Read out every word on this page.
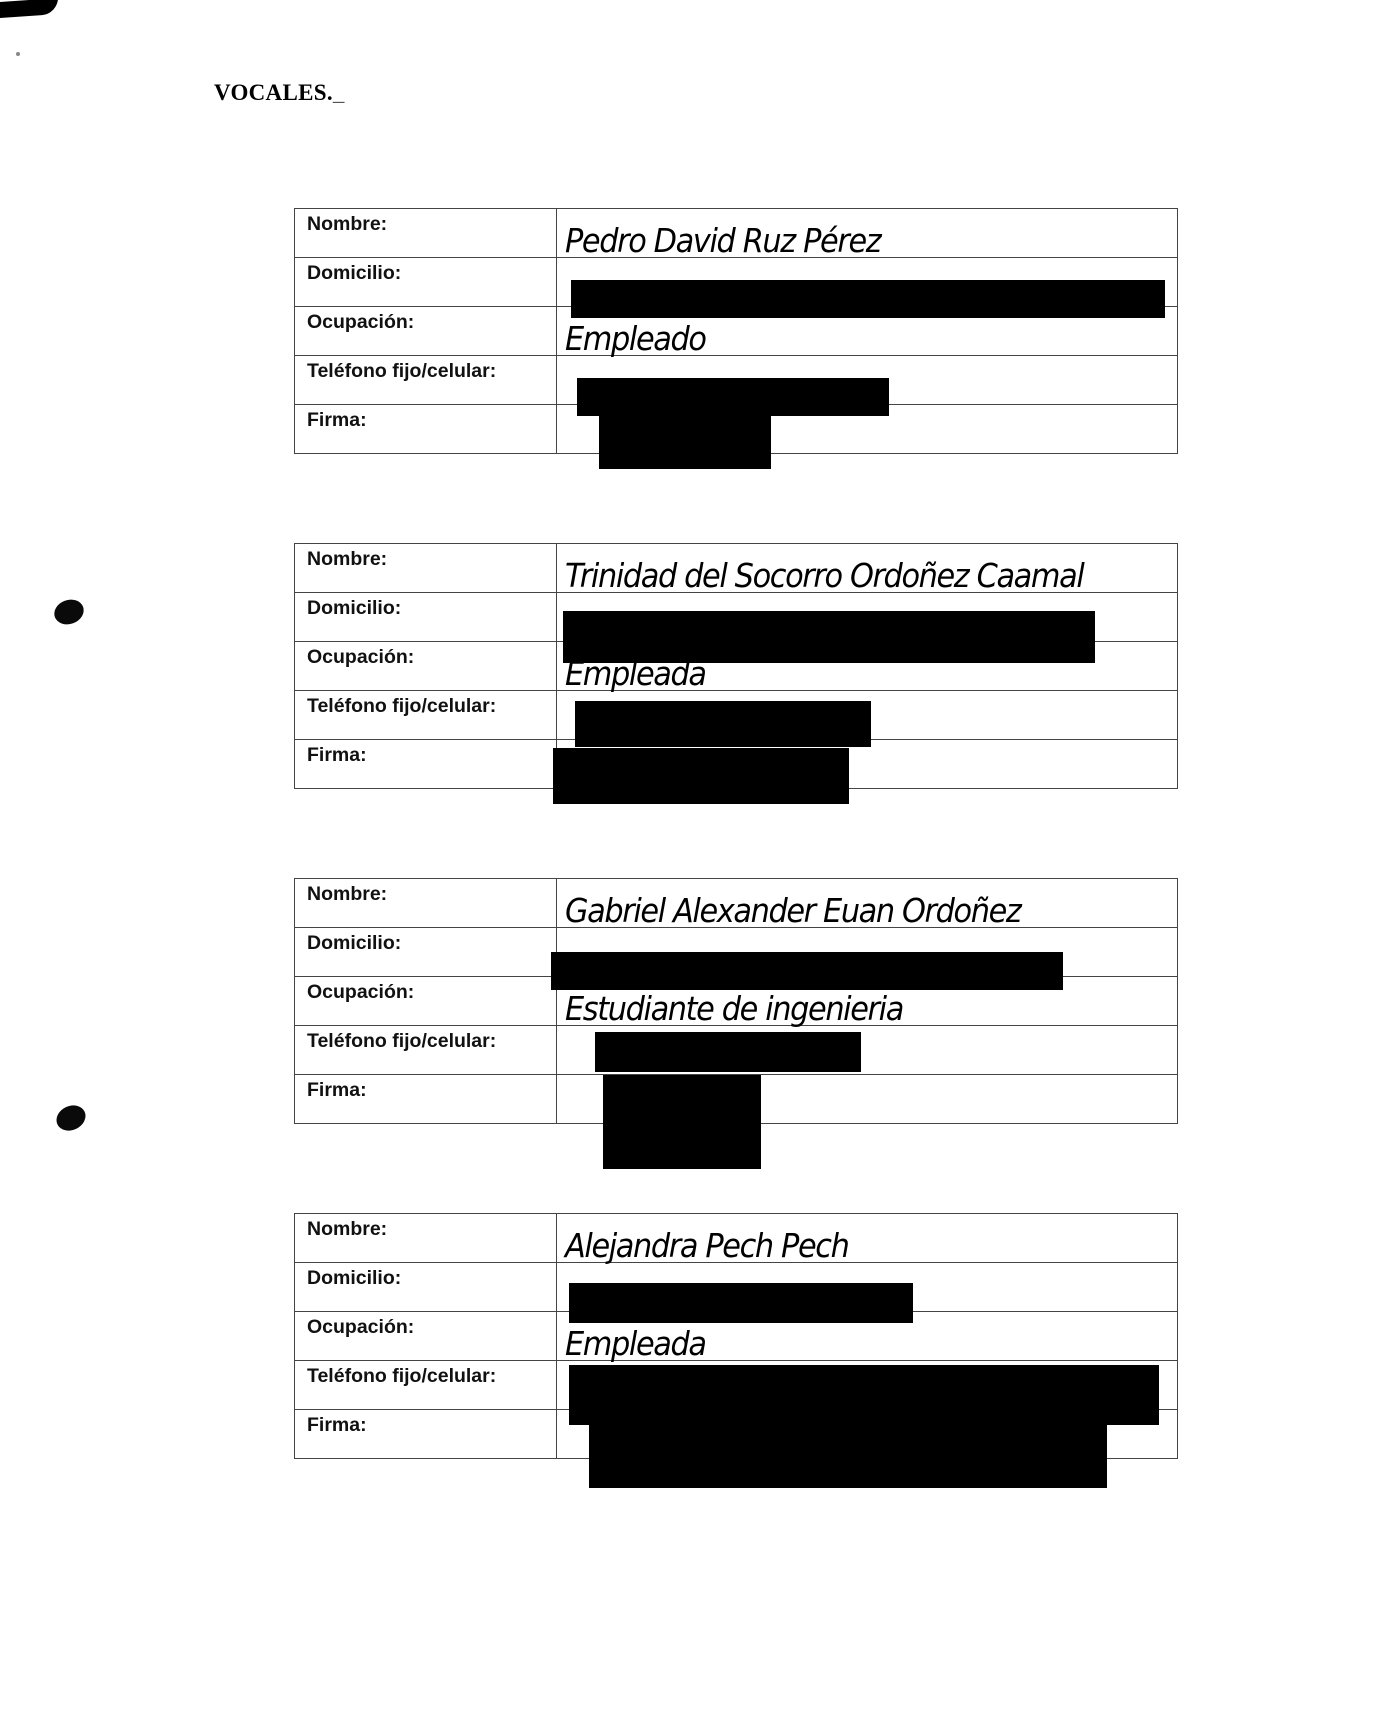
VOCALES._
Nombre:	Pedro David Ruz Pérez

Domicilio:	

Ocupación:	Empleado

Teléfono fijo/celular:	

Firma:	
Nombre:	Trinidad del Socorro Ordoñez Caamal

Domicilio:	

Ocupación:	Empleada

Teléfono fijo/celular:	

Firma:	
Nombre:	Gabriel Alexander Euan Ordoñez

Domicilio:	

Ocupación:	Estudiante de ingenieria

Teléfono fijo/celular:	

Firma:	
Nombre:	Alejandra Pech Pech

Domicilio:	

Ocupación:	Empleada

Teléfono fijo/celular:	

Firma:	
